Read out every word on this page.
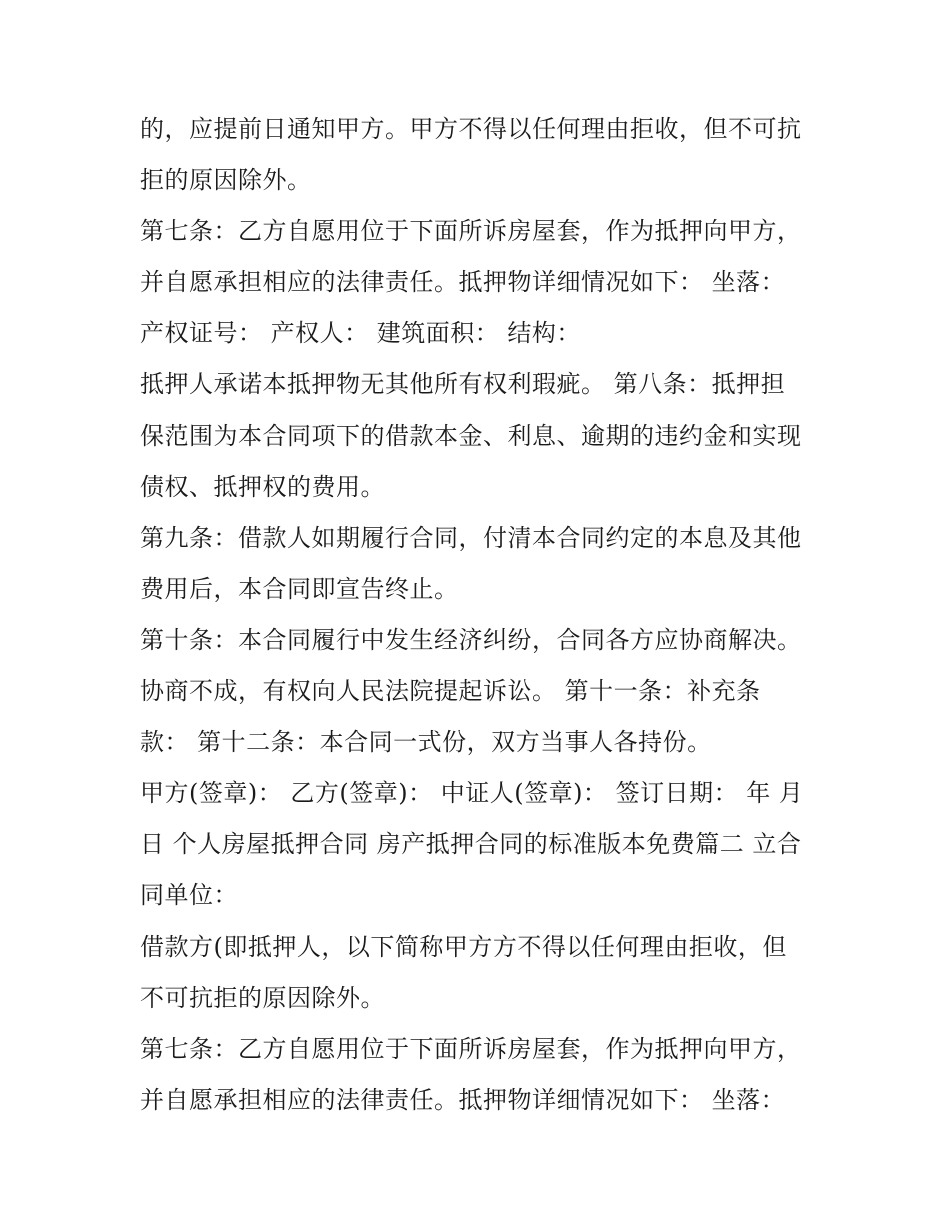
的，应提前日通知甲方。甲方不得以任何理由拒收，但不可抗
拒的原因除外。
第七条：乙方自愿用位于下面所诉房屋套，作为抵押向甲方，
并自愿承担相应的法律责任。抵押物详细情况如下： 坐落：
产权证号： 产权人： 建筑面积： 结构：
抵押人承诺本抵押物无其他所有权利瑕疵。 第八条：抵押担
保范围为本合同项下的借款本金、利息、逾期的违约金和实现
债权、抵押权的费用。
第九条：借款人如期履行合同，付清本合同约定的本息及其他
费用后，本合同即宣告终止。
第十条：本合同履行中发生经济纠纷，合同各方应协商解决。
协商不成，有权向人民法院提起诉讼。 第十一条：补充条
款： 第十二条：本合同一式份，双方当事人各持份。
甲方(签章)： 乙方(签章)： 中证人(签章)： 签订日期： 年 月
日 个人房屋抵押合同 房产抵押合同的标准版本免费篇二 立合
同单位：
借款方(即抵押人，以下简称甲方方不得以任何理由拒收，但
不可抗拒的原因除外。
第七条：乙方自愿用位于下面所诉房屋套，作为抵押向甲方，
并自愿承担相应的法律责任。抵押物详细情况如下： 坐落：
